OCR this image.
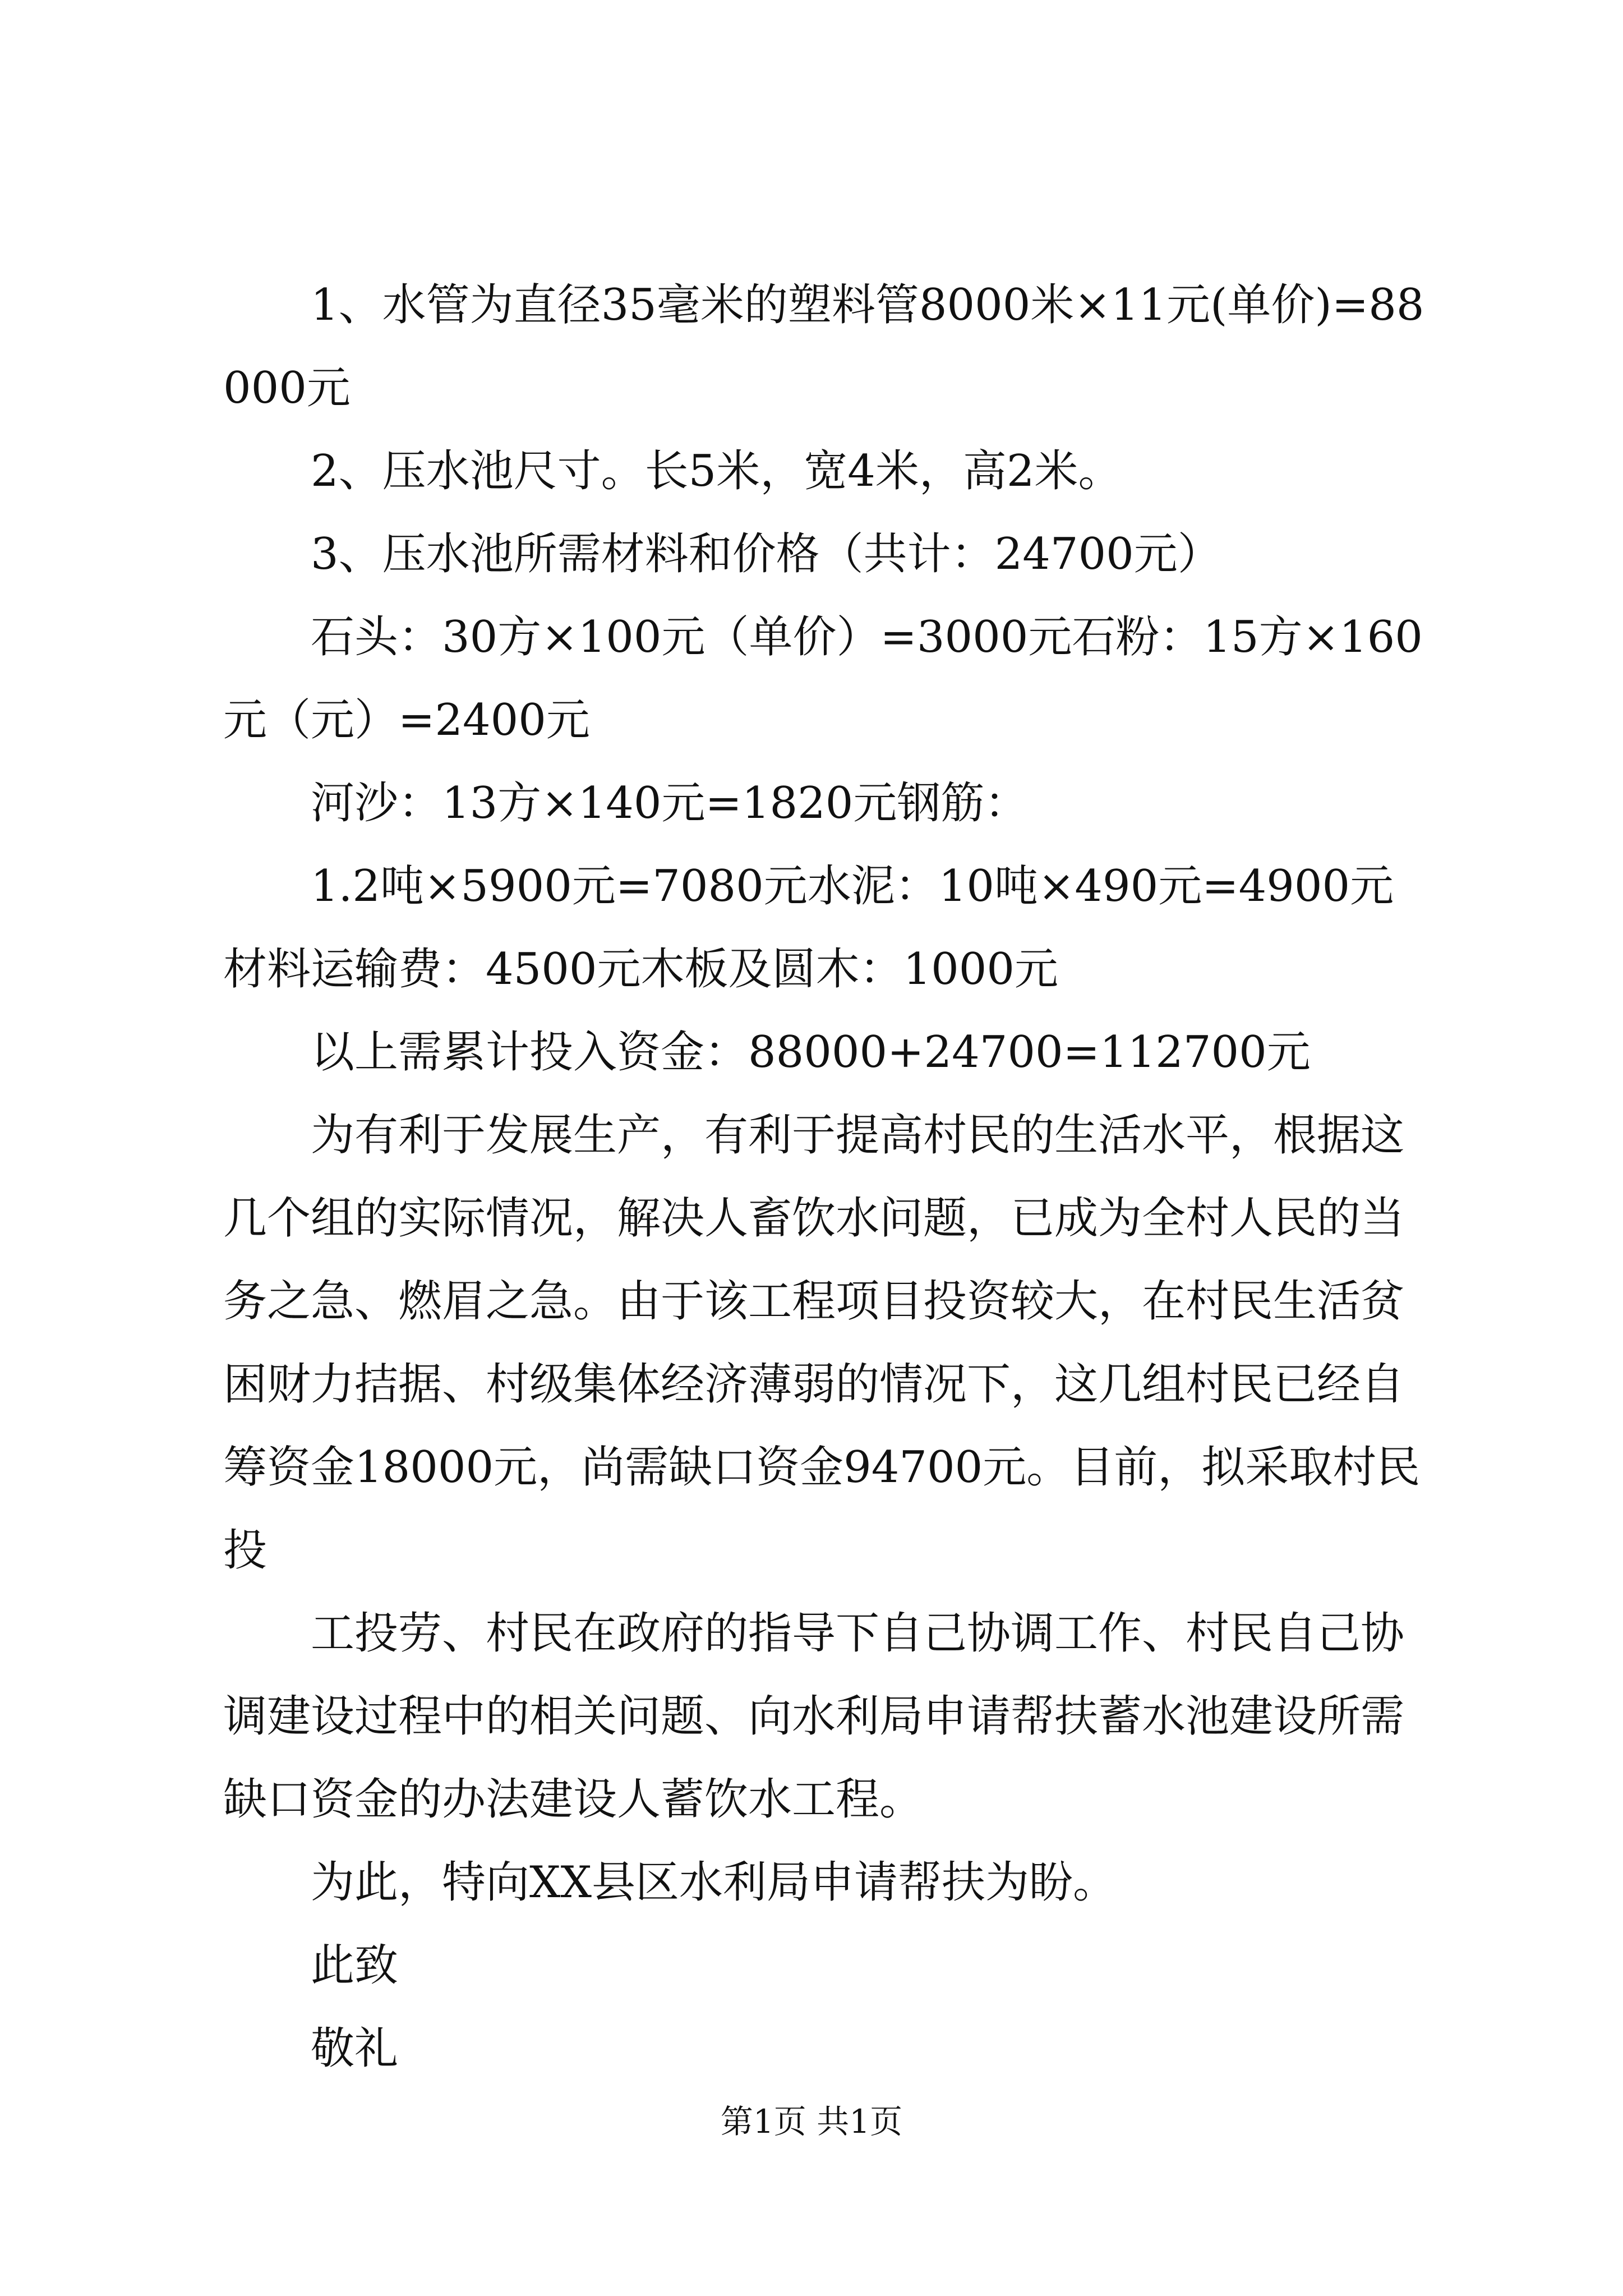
1、水管为直径35毫米的塑料管8000米×11元(单价)=88000元

2、压水池尺寸。长5米，宽4米，高2米。

3、压水池所需材料和价格（共计：24700元）

石头：30方×100元（单价）=3000元石粉：15方×160元（元）=2400元

河沙：13方×140元=1820元钢筋：

1.2吨×5900元=7080元水泥：10吨×490元=4900元材料运输费：4500元木板及圆木：1000元

以上需累计投入资金：88000+24700=112700元

为有利于发展生产，有利于提高村民的生活水平，根据这几个组的实际情况，解决人畜饮水问题，已成为全村人民的当务之急、燃眉之急。由于该工程项目投资较大，在村民生活贫困财力拮据、村级集体经济薄弱的情况下，这几组村民已经自筹资金18000元，尚需缺口资金94700元。目前，拟采取村民投

工投劳、村民在政府的指导下自己协调工作、村民自己协调建设过程中的相关问题、向水利局申请帮扶蓄水池建设所需缺口资金的办法建设人蓄饮水工程。

为此，特向XX县区水利局申请帮扶为盼。

此致

敬礼

第1页 共1页
